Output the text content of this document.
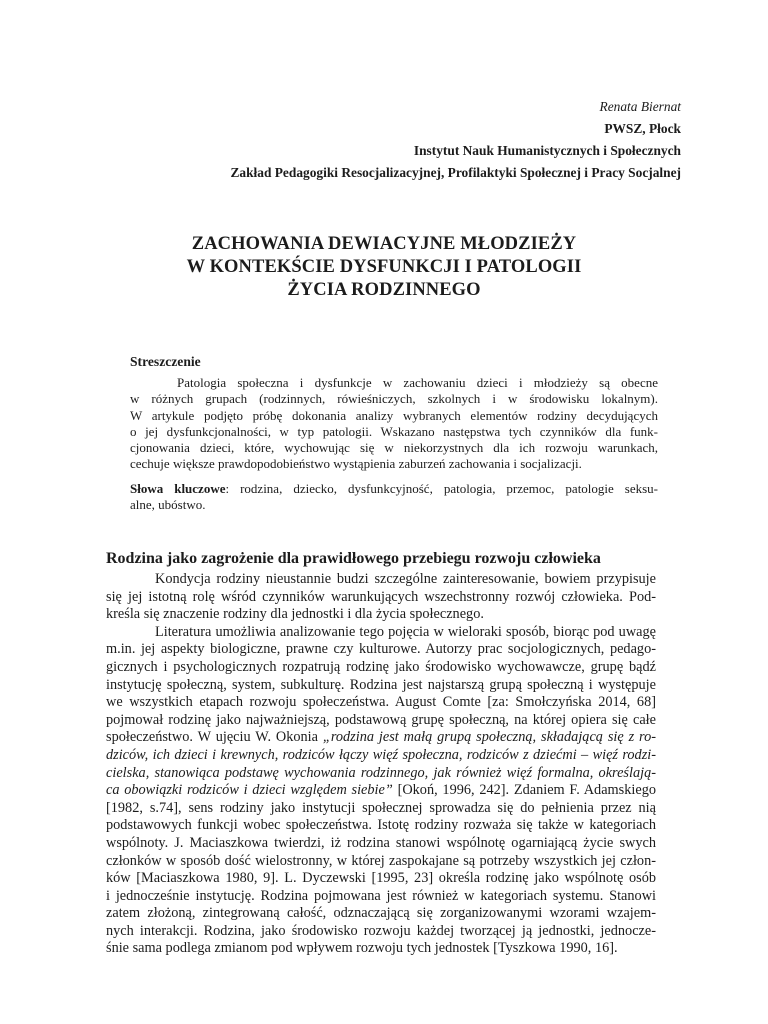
Renata Biernat
PWSZ, Płock
Instytut Nauk Humanistycznych i Społecznych
Zakład Pedagogiki Resocjalizacyjnej, Profilaktyki Społecznej i Pracy Socjalnej
ZACHOWANIA DEWIACYJNE MŁODZIEŻY
W KONTEKŚCIE DYSFUNKCJI I PATOLOGII
ŻYCIA RODZINNEGO
Streszczenie
Patologia społeczna i dysfunkcje w zachowaniu dzieci i młodzieży są obecne
w różnych grupach (rodzinnych, rówieśniczych, szkolnych i w środowisku lokalnym).
W artykule podjęto próbę dokonania analizy wybranych elementów rodziny decydujących
o jej dysfunkcjonalności, w typ patologii. Wskazano następstwa tych czynników dla funk-
cjonowania dzieci, które, wychowując się w niekorzystnych dla ich rozwoju warunkach,
cechuje większe prawdopodobieństwo wystąpienia zaburzeń zachowania i socjalizacji.
Słowa kluczowe: rodzina, dziecko, dysfunkcyjność, patologia, przemoc, patologie seksu-
alne, ubóstwo.
Rodzina jako zagrożenie dla prawidłowego przebiegu rozwoju człowieka
Kondycja rodziny nieustannie budzi szczególne zainteresowanie, bowiem przypisuje
się jej istotną rolę wśród czynników warunkujących wszechstronny rozwój człowieka. Pod-
kreśla się znaczenie rodziny dla jednostki i dla życia społecznego.
Literatura umożliwia analizowanie tego pojęcia w wieloraki sposób, biorąc pod uwagę
m.in. jej aspekty biologiczne, prawne czy kulturowe. Autorzy prac socjologicznych, pedago-
gicznych i psychologicznych rozpatrują rodzinę jako środowisko wychowawcze, grupę bądź
instytucję społeczną, system, subkulturę. Rodzina jest najstarszą grupą społeczną i występuje
we wszystkich etapach rozwoju społeczeństwa. August Comte [za: Smołczyńska 2014, 68]
pojmował rodzinę jako najważniejszą, podstawową grupę społeczną, na której opiera się całe
społeczeństwo. W ujęciu W. Okonia „rodzina jest małą grupą społeczną, składającą się z ro-
dziców, ich dzieci i krewnych, rodziców łączy więź społeczna, rodziców z dziećmi – więź rodzi-
cielska, stanowiąca podstawę wychowania rodzinnego, jak również więź formalna, określają-
ca obowiązki rodziców i dzieci względem siebie” [Okoń, 1996, 242]. Zdaniem F. Adamskiego
[1982, s.74], sens rodziny jako instytucji społecznej sprowadza się do pełnienia przez nią
podstawowych funkcji wobec społeczeństwa. Istotę rodziny rozważa się także w kategoriach
wspólnoty. J. Maciaszkowa twierdzi, iż rodzina stanowi wspólnotę ogarniającą życie swych
członków w sposób dość wielostronny, w której zaspokajane są potrzeby wszystkich jej człon-
ków [Maciaszkowa 1980, 9]. L. Dyczewski [1995, 23] określa rodzinę jako wspólnotę osób
i jednocześnie instytucję. Rodzina pojmowana jest również w kategoriach systemu. Stanowi
zatem złożoną, zintegrowaną całość, odznaczającą się zorganizowanymi wzorami wzajem-
nych interakcji. Rodzina, jako środowisko rozwoju każdej tworzącej ją jednostki, jednocze-
śnie sama podlega zmianom pod wpływem rozwoju tych jednostek [Tyszkowa 1990, 16].
